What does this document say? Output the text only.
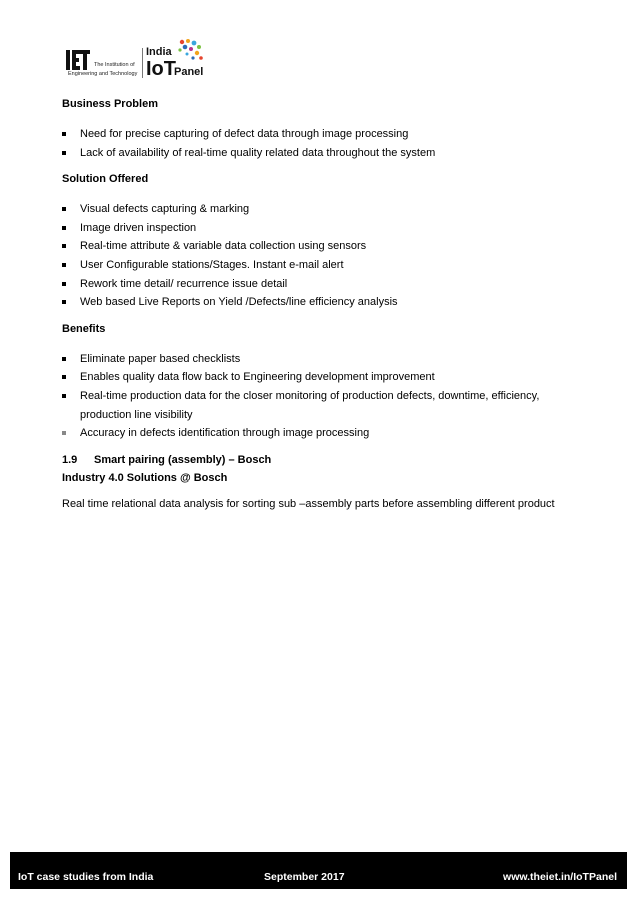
The Institution of
Engineering and Technology
India
IoT
Panel
Business Problem
Need for precise capturing of defect data through image processing
Lack of availability of real-time quality related data throughout the system
Solution Offered
Visual defects capturing & marking
Image driven inspection
Real-time attribute & variable data collection using sensors
User Configurable stations/Stages. Instant e-mail alert
Rework time detail/ recurrence issue detail
Web based Live Reports on Yield /Defects/line efficiency analysis
Benefits
Eliminate paper based checklists
Enables quality data flow back to Engineering development improvement
Real-time production data for the closer monitoring of production defects, downtime, efficiency,
production line visibility
Accuracy in defects identification through image processing
1.9 Smart pairing (assembly) – Bosch
Industry 4.0 Solutions @ Bosch
Real time relational data analysis for sorting sub –assembly parts before assembling different product
IoT case studies from India	September 2017	www.theiet.in/IoTPanel
